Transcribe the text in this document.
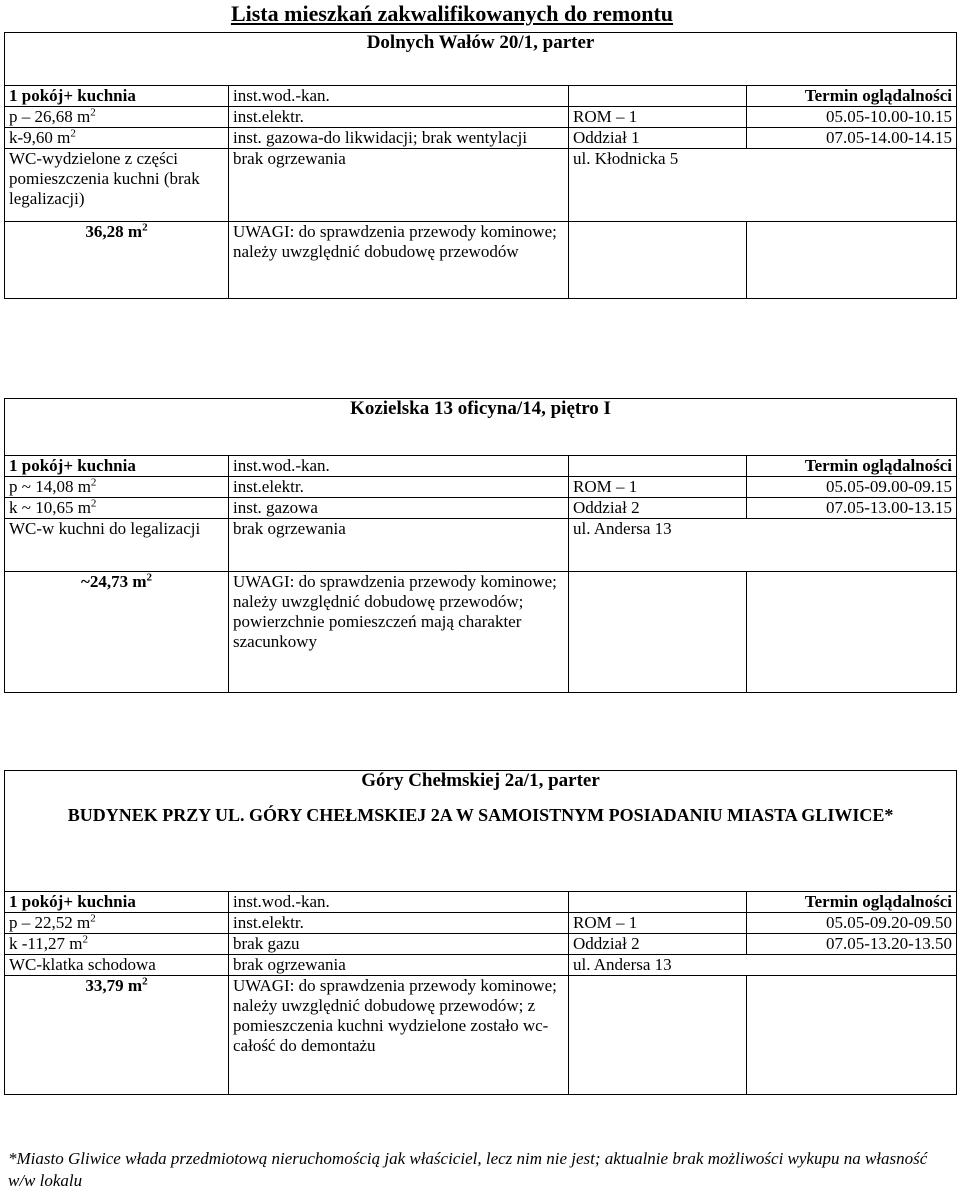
Lista mieszkań zakwalifikowanych do remontu
Dolnych Wałów 20/1, parter			
1 pokój+ kuchnia	inst.wod.-kan.		Termin oglądalności
p – 26,68 $m^2$	inst.elektr.	ROM – 1	05.05-10.00-10.15
k-9,60 $m^2$	inst. gazowa-do likwidacji; brak wentylacji	Oddział 1	07.05-14.00-14.15
WC-wydzielone z części pomieszczenia kuchni (brak legalizacji)	brak ogrzewania	ul. Kłodnicka 5	
36,28 $m^2$	UWAGI: do sprawdzenia przewody kominowe; należy uwzględnić dobudowę przewodów		
Kozielska 13 oficyna/14, piętro I			
1 pokój+ kuchnia	inst.wod.-kan.		Termin oglądalności
p ~ 14,08 $m^2$	inst.elektr.	ROM – 1	05.05-09.00-09.15
k ~ 10,65 $m^2$	inst. gazowa	Oddział 2	07.05-13.00-13.15
WC-w kuchni do legalizacji	brak ogrzewania	ul. Andersa 13	
~24,73 $m^2$	UWAGI: do sprawdzenia przewody kominowe; należy uwzględnić dobudowę przewodów; powierzchnie pomieszczeń mają charakter szacunkowy		
Góry Chełmskiej 2a/1, parter
BUDYNEK PRZY UL. GÓRY CHEŁMSKIEJ 2A W SAMOISTNYM POSIADANIU MIASTA GLIWICE*			

1 pokój+ kuchnia	inst.wod.-kan.		Termin oglądalności
p – 22,52 $m^2$	inst.elektr.	ROM – 1	05.05-09.20-09.50
k -11,27 $m^2$	brak gazu	Oddział 2	07.05-13.20-13.50
WC-klatka schodowa	brak ogrzewania	ul. Andersa 13	
33,79 $m^2$	UWAGI: do sprawdzenia przewody kominowe; należy uwzględnić dobudowę przewodów; z pomieszczenia kuchni wydzielone zostało wc-całość do demontażu		
*Miasto Gliwice włada przedmiotową nieruchomością jak właściciel, lecz nim nie jest; aktualnie brak możliwości wykupu na własność w/w lokalu
